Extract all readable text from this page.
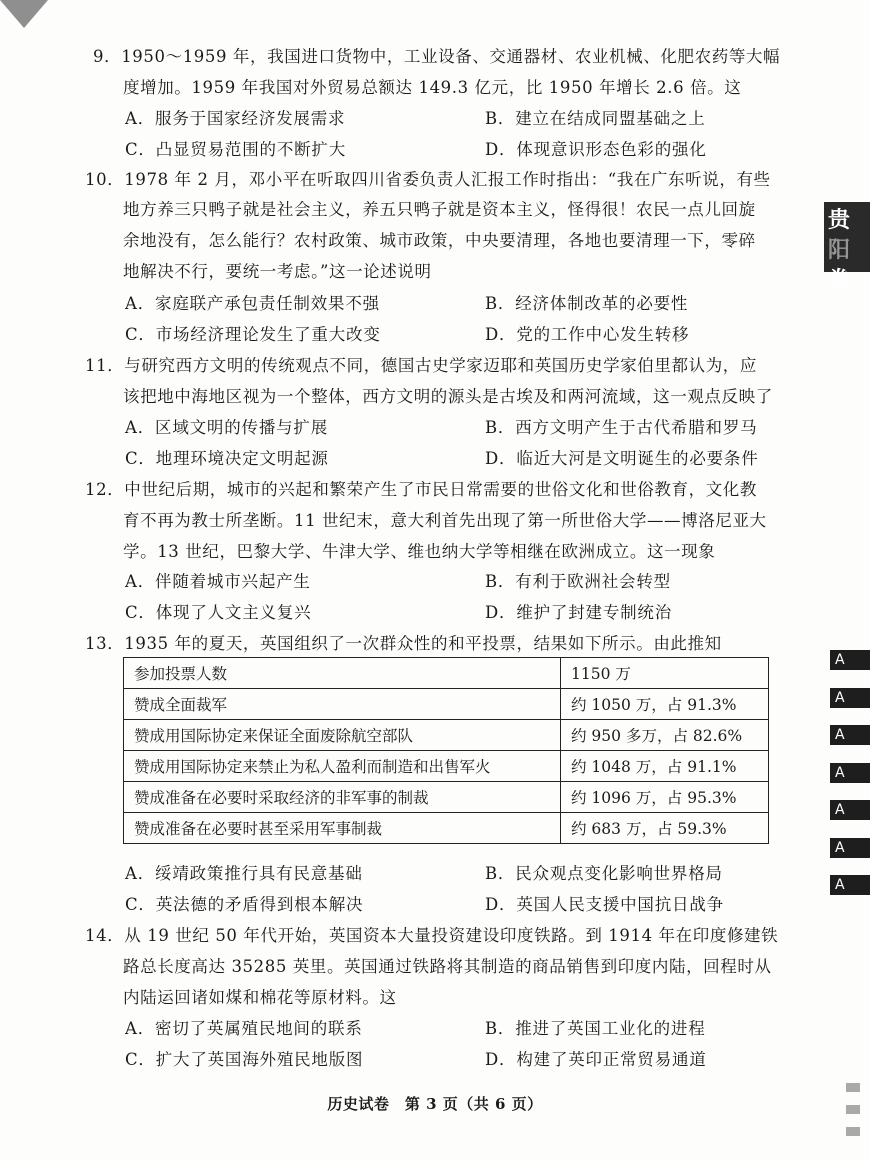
贵阳
卷
A
A
A
A
A
A
A
9．1950～1959 年，我国进口货物中，工业设备、交通器材、农业机械、化肥农药等大幅
度增加。1959 年我国对外贸易总额达 149.3 亿元，比 1950 年增长 2.6 倍。这
A．服务于国家经济发展需求	B．建立在结成同盟基础之上
C．凸显贸易范围的不断扩大	D．体现意识形态色彩的强化
10．1978 年 2 月，邓小平在听取四川省委负责人汇报工作时指出：“我在广东听说，有些
地方养三只鸭子就是社会主义，养五只鸭子就是资本主义，怪得很！农民一点儿回旋
余地没有，怎么能行？农村政策、城市政策，中央要清理，各地也要清理一下，零碎
地解决不行，要统一考虑。”这一论述说明
A．家庭联产承包责任制效果不强	B．经济体制改革的必要性
C．市场经济理论发生了重大改变	D．党的工作中心发生转移
11．与研究西方文明的传统观点不同，德国古史学家迈耶和英国历史学家伯里都认为，应
该把地中海地区视为一个整体，西方文明的源头是古埃及和两河流域，这一观点反映了
A．区域文明的传播与扩展	B．西方文明产生于古代希腊和罗马
C．地理环境决定文明起源	D．临近大河是文明诞生的必要条件
12．中世纪后期，城市的兴起和繁荣产生了市民日常需要的世俗文化和世俗教育，文化教
育不再为教士所垄断。11 世纪末，意大利首先出现了第一所世俗大学——博洛尼亚大
学。13 世纪，巴黎大学、牛津大学、维也纳大学等相继在欧洲成立。这一现象
A．伴随着城市兴起产生	B．有利于欧洲社会转型
C．体现了人文主义复兴	D．维护了封建专制统治
13．1935 年的夏天，英国组织了一次群众性的和平投票，结果如下所示。由此推知
参加投票人数	1150 万
赞成全面裁军	约 1050 万，占 91.3%
赞成用国际协定来保证全面废除航空部队	约 950 多万，占 82.6%
赞成用国际协定来禁止为私人盈利而制造和出售军火	约 1048 万，占 91.1%
赞成准备在必要时采取经济的非军事的制裁	约 1096 万，占 95.3%
赞成准备在必要时甚至采用军事制裁	约 683 万，占 59.3%
A．绥靖政策推行具有民意基础	B．民众观点变化影响世界格局
C．英法德的矛盾得到根本解决	D．英国人民支援中国抗日战争
14．从 19 世纪 50 年代开始，英国资本大量投资建设印度铁路。到 1914 年在印度修建铁
路总长度高达 35285 英里。英国通过铁路将其制造的商品销售到印度内陆，回程时从
内陆运回诸如煤和棉花等原材料。这
A．密切了英属殖民地间的联系	B．推进了英国工业化的进程
C．扩大了英国海外殖民地版图	D．构建了英印正常贸易通道
历史试卷　第 3 页（共 6 页）
